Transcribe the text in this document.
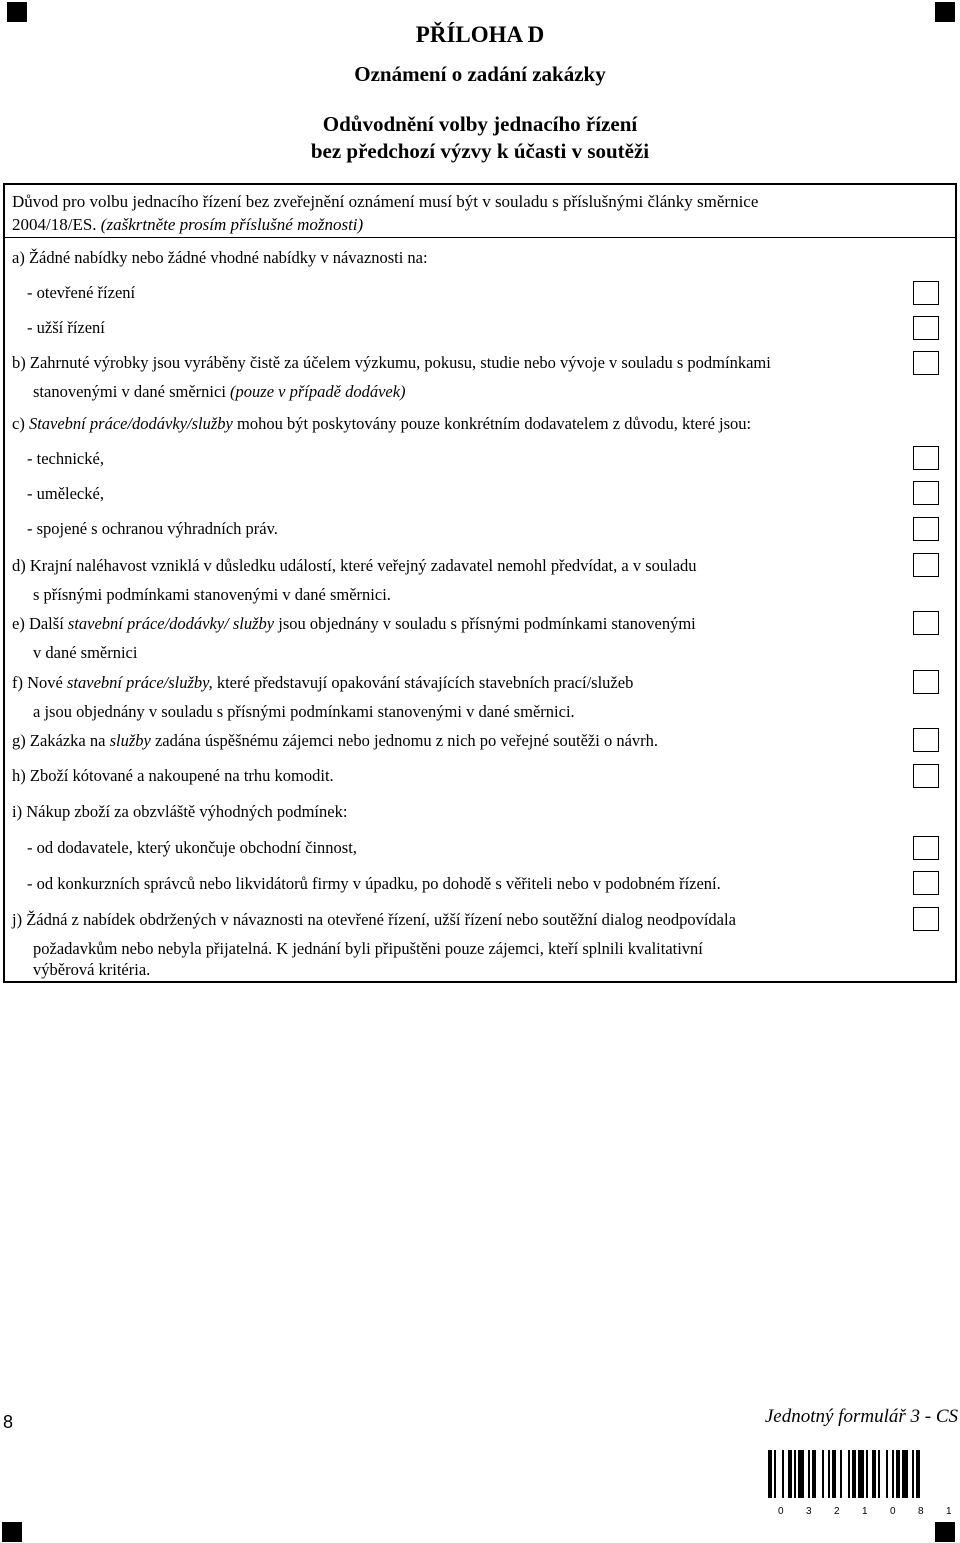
PŘÍLOHA D
Oznámení o zadání zakázky
Odůvodnění volby jednacího řízení
bez předchozí výzvy k účasti v soutěži
Důvod pro volbu jednacího řízení bez zveřejnění oznámení musí být v souladu s příslušnými články směrnice
2004/18/ES. (zaškrtněte prosím příslušné možnosti)
a) Žádné nabídky nebo žádné vhodné nabídky v návaznosti na:
- otevřené řízení
- užší řízení
b) Zahrnuté výrobky jsou vyráběny čistě za účelem výzkumu, pokusu, studie nebo vývoje v souladu s podmínkami
stanovenými v dané směrnici (pouze v případě dodávek)
c) Stavební práce/dodávky/služby mohou být poskytovány pouze konkrétním dodavatelem z důvodu, které jsou:
- technické,
- umělecké,
- spojené s ochranou výhradních práv.
d) Krajní naléhavost vzniklá v důsledku událostí, které veřejný zadavatel nemohl předvídat, a v souladu
s přísnými podmínkami stanovenými v dané směrnici.
e) Další stavební práce/dodávky/ služby jsou objednány v souladu s přísnými podmínkami stanovenými
v dané směrnici
f) Nové stavební práce/služby, které představují opakování stávajících stavebních prací/služeb
a jsou objednány v souladu s přísnými podmínkami stanovenými v dané směrnici.
g) Zakázka na služby zadána úspěšnému zájemci nebo jednomu z nich po veřejné soutěži o návrh.
h) Zboží kótované a nakoupené na trhu komodit.
i) Nákup zboží za obzvláště výhodných podmínek:
- od dodavatele, který ukončuje obchodní činnost,
- od konkurzních správců nebo likvidátorů firmy v úpadku, po dohodě s věřiteli nebo v podobném řízení.
j) Žádná z nabídek obdržených v návaznosti na otevřené řízení, užší řízení nebo soutěžní dialog neodpovídala
požadavkům nebo nebyla přijatelná. K jednání byli připuštěni pouze zájemci, kteří splnili kvalitativní
výběrová kritéria.
8	Jednotný formulář 3 - CS
0 3 2 1 0 8 1
